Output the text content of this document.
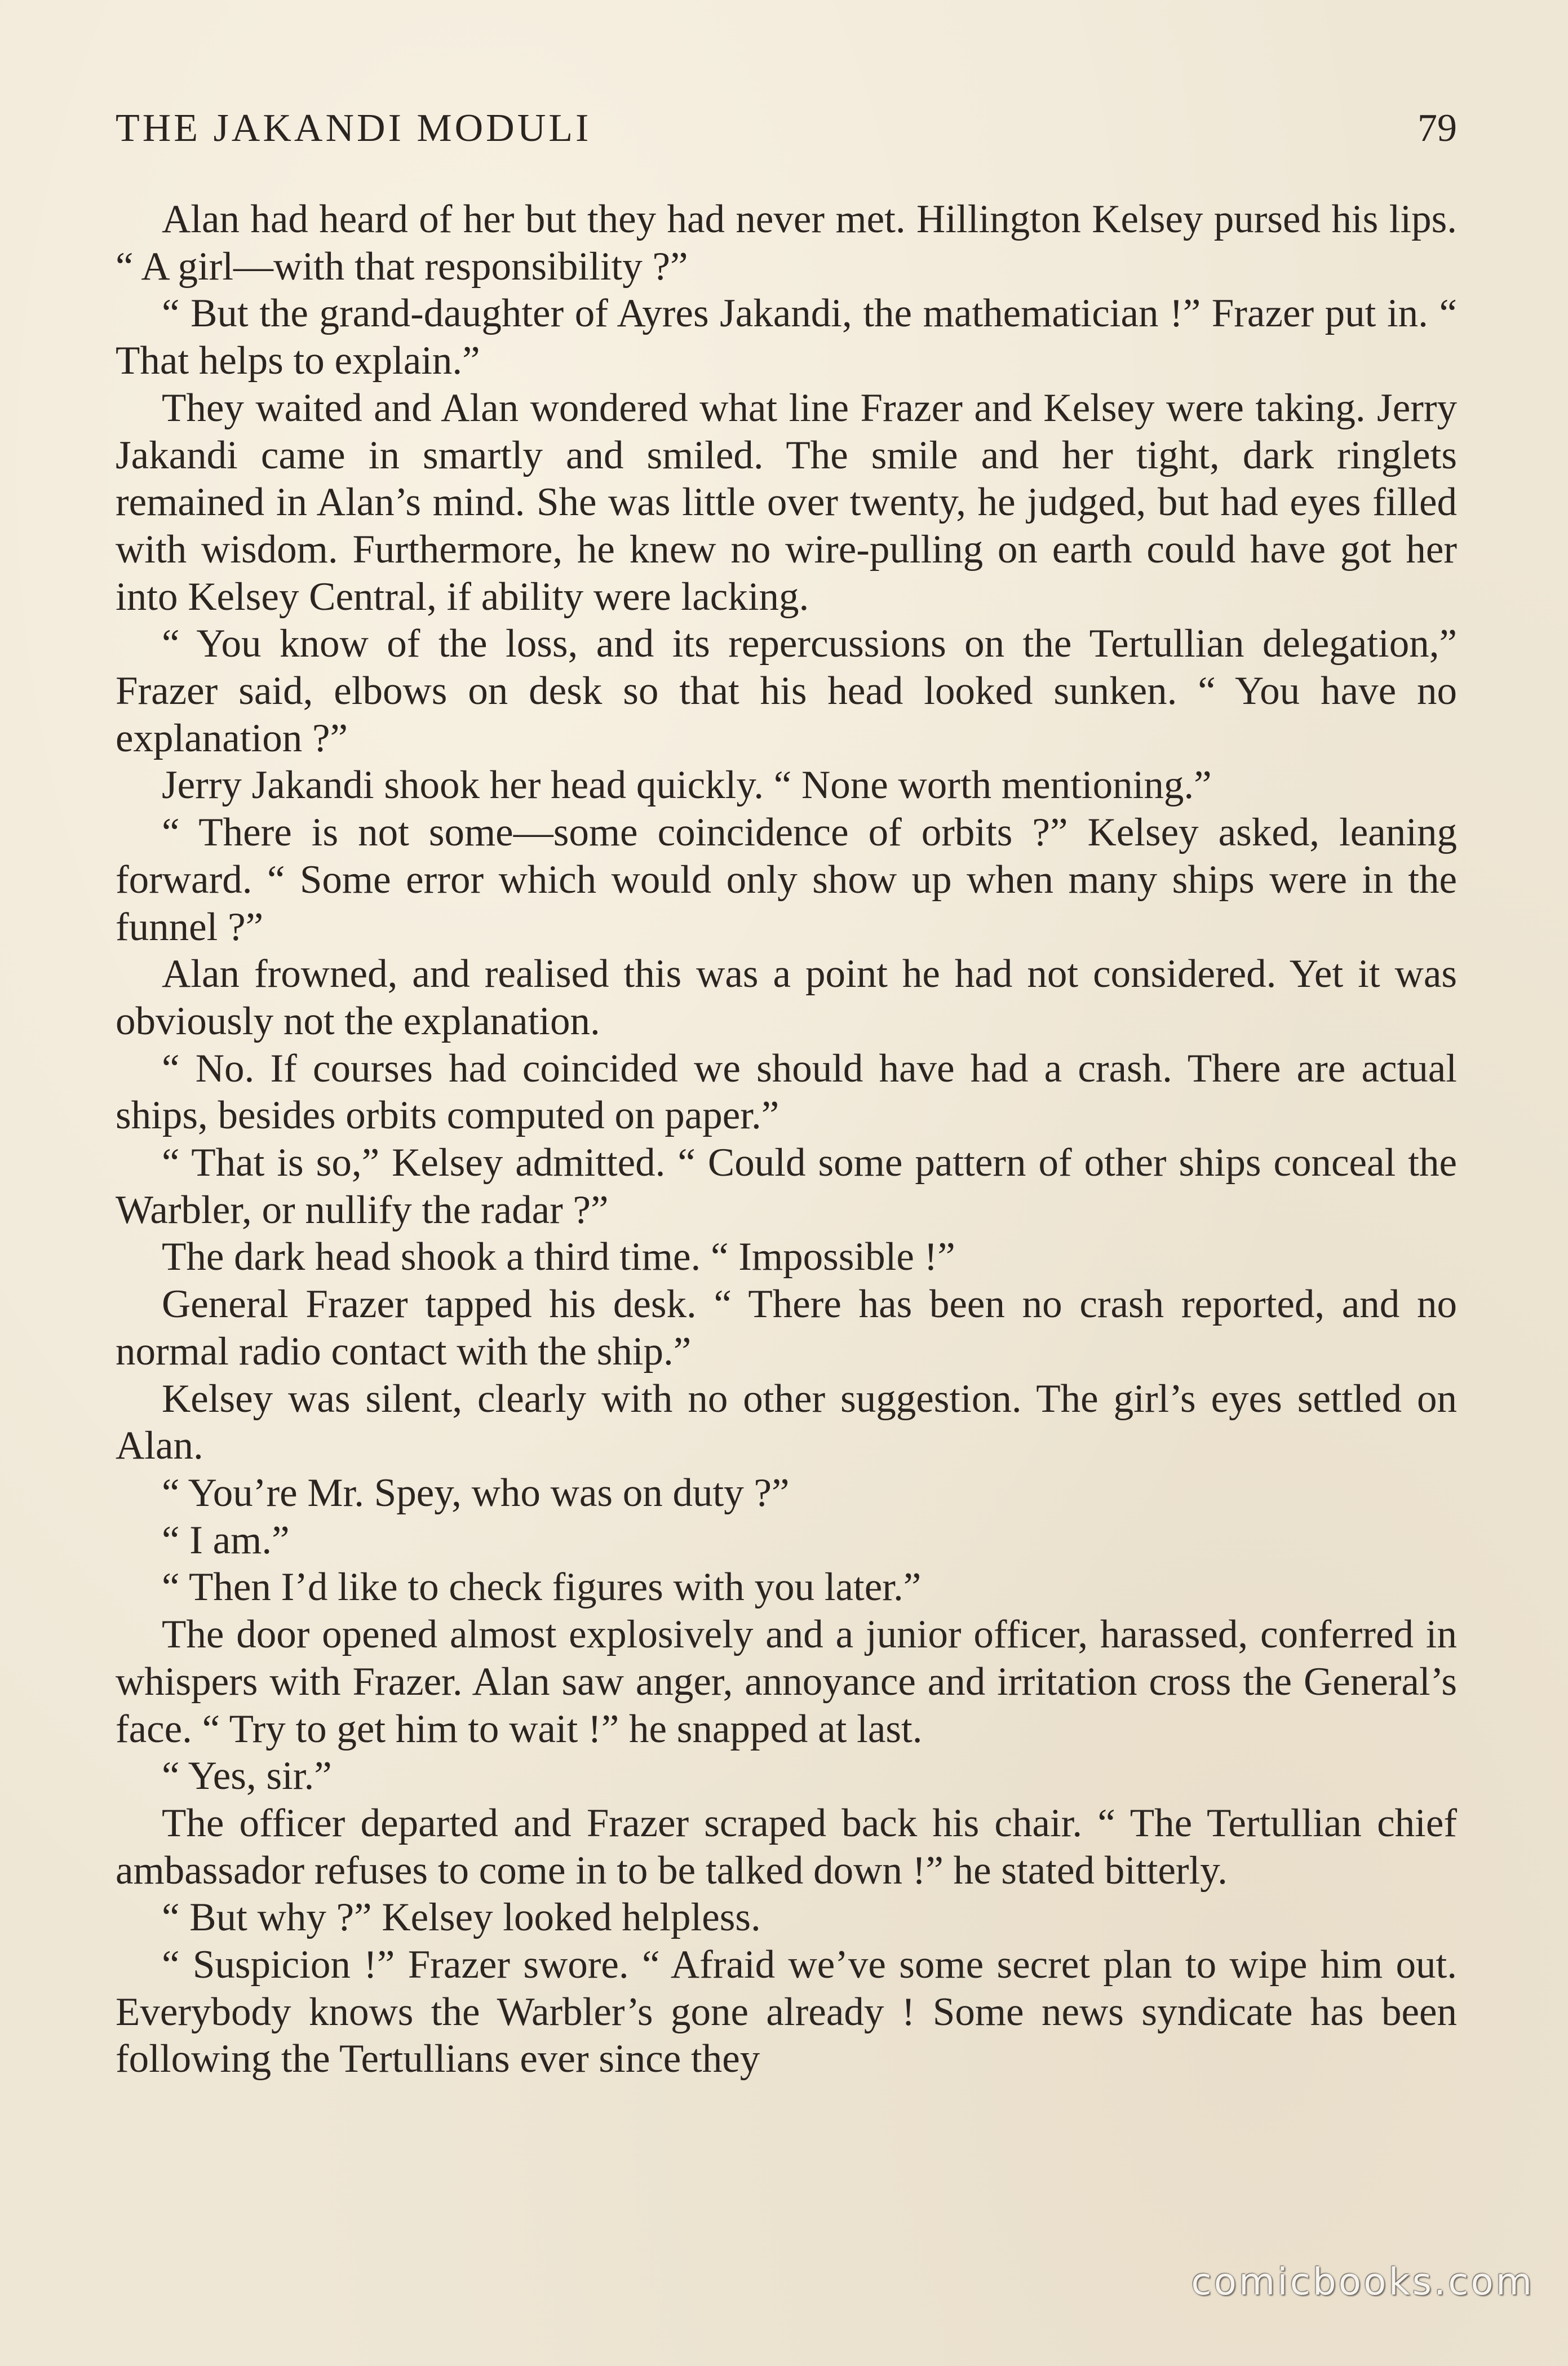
THE JAKANDI MODULI	79

Alan had heard of her but they had never met. Hillington Kelsey pursed his lips. “ A girl—with that responsibility ?”

“ But the grand-daughter of Ayres Jakandi, the mathematician !” Frazer put in. “ That helps to explain.”

They waited and Alan wondered what line Frazer and Kelsey were taking. Jerry Jakandi came in smartly and smiled. The smile and her tight, dark ringlets remained in Alan’s mind. She was little over twenty, he judged, but had eyes filled with wisdom. Furthermore, he knew no wire-pulling on earth could have got her into Kelsey Central, if ability were lacking.

“ You know of the loss, and its repercussions on the Tertullian delegation,” Frazer said, elbows on desk so that his head looked sunken. “ You have no explanation ?”

Jerry Jakandi shook her head quickly. “ None worth mentioning.”

“ There is not some—some coincidence of orbits ?” Kelsey asked, leaning forward. “ Some error which would only show up when many ships were in the funnel ?”

Alan frowned, and realised this was a point he had not considered. Yet it was obviously not the explanation.

“ No. If courses had coincided we should have had a crash. There are actual ships, besides orbits computed on paper.”

“ That is so,” Kelsey admitted. “ Could some pattern of other ships conceal the Warbler, or nullify the radar ?”

The dark head shook a third time. “ Impossible !”

General Frazer tapped his desk. “ There has been no crash reported, and no normal radio contact with the ship.”

Kelsey was silent, clearly with no other suggestion. The girl’s eyes settled on Alan.

“ You’re Mr. Spey, who was on duty ?”

“ I am.”

“ Then I’d like to check figures with you later.”

The door opened almost explosively and a junior officer, harassed, conferred in whispers with Frazer. Alan saw anger, annoyance and irritation cross the General’s face. “ Try to get him to wait !” he snapped at last.

“ Yes, sir.”

The officer departed and Frazer scraped back his chair. “ The Tertullian chief ambassador refuses to come in to be talked down !” he stated bitterly.

“ But why ?” Kelsey looked helpless.

“ Suspicion !” Frazer swore. “ Afraid we’ve some secret plan to wipe him out. Everybody knows the Warbler’s gone already ! Some news syndicate has been following the Tertullians ever since they

comicbooks.com
